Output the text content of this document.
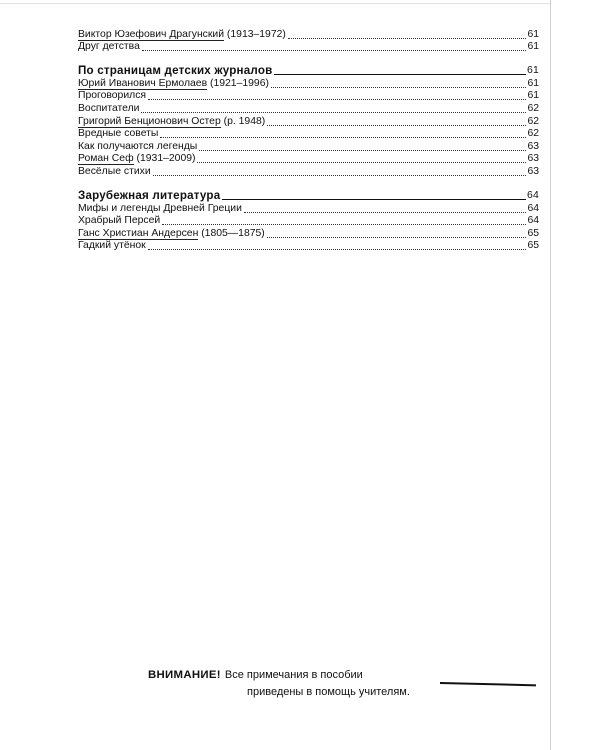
Виктор Юзефович Драгунский (1913–1972)	61
Друг детства	61
По страницам детских журналов	61
Юрий Иванович Ермолаев (1921–1996)	61
Проговорился	61
Воспитатели	62
Григорий Бенционович Остер (р. 1948)	62
Вредные советы	62
Как получаются легенды	63
Роман Сеф (1931–2009)	63
Весёлые стихи	63
Зарубежная литература	64
Мифы и легенды Древней Греции	64
Храбрый Персей	64
Ганс Христиан Андерсен (1805—1875)	65
Гадкий утёнок	65
ВНИМАНИЕ! Все примечания в пособии
приведены в помощь учителям.
